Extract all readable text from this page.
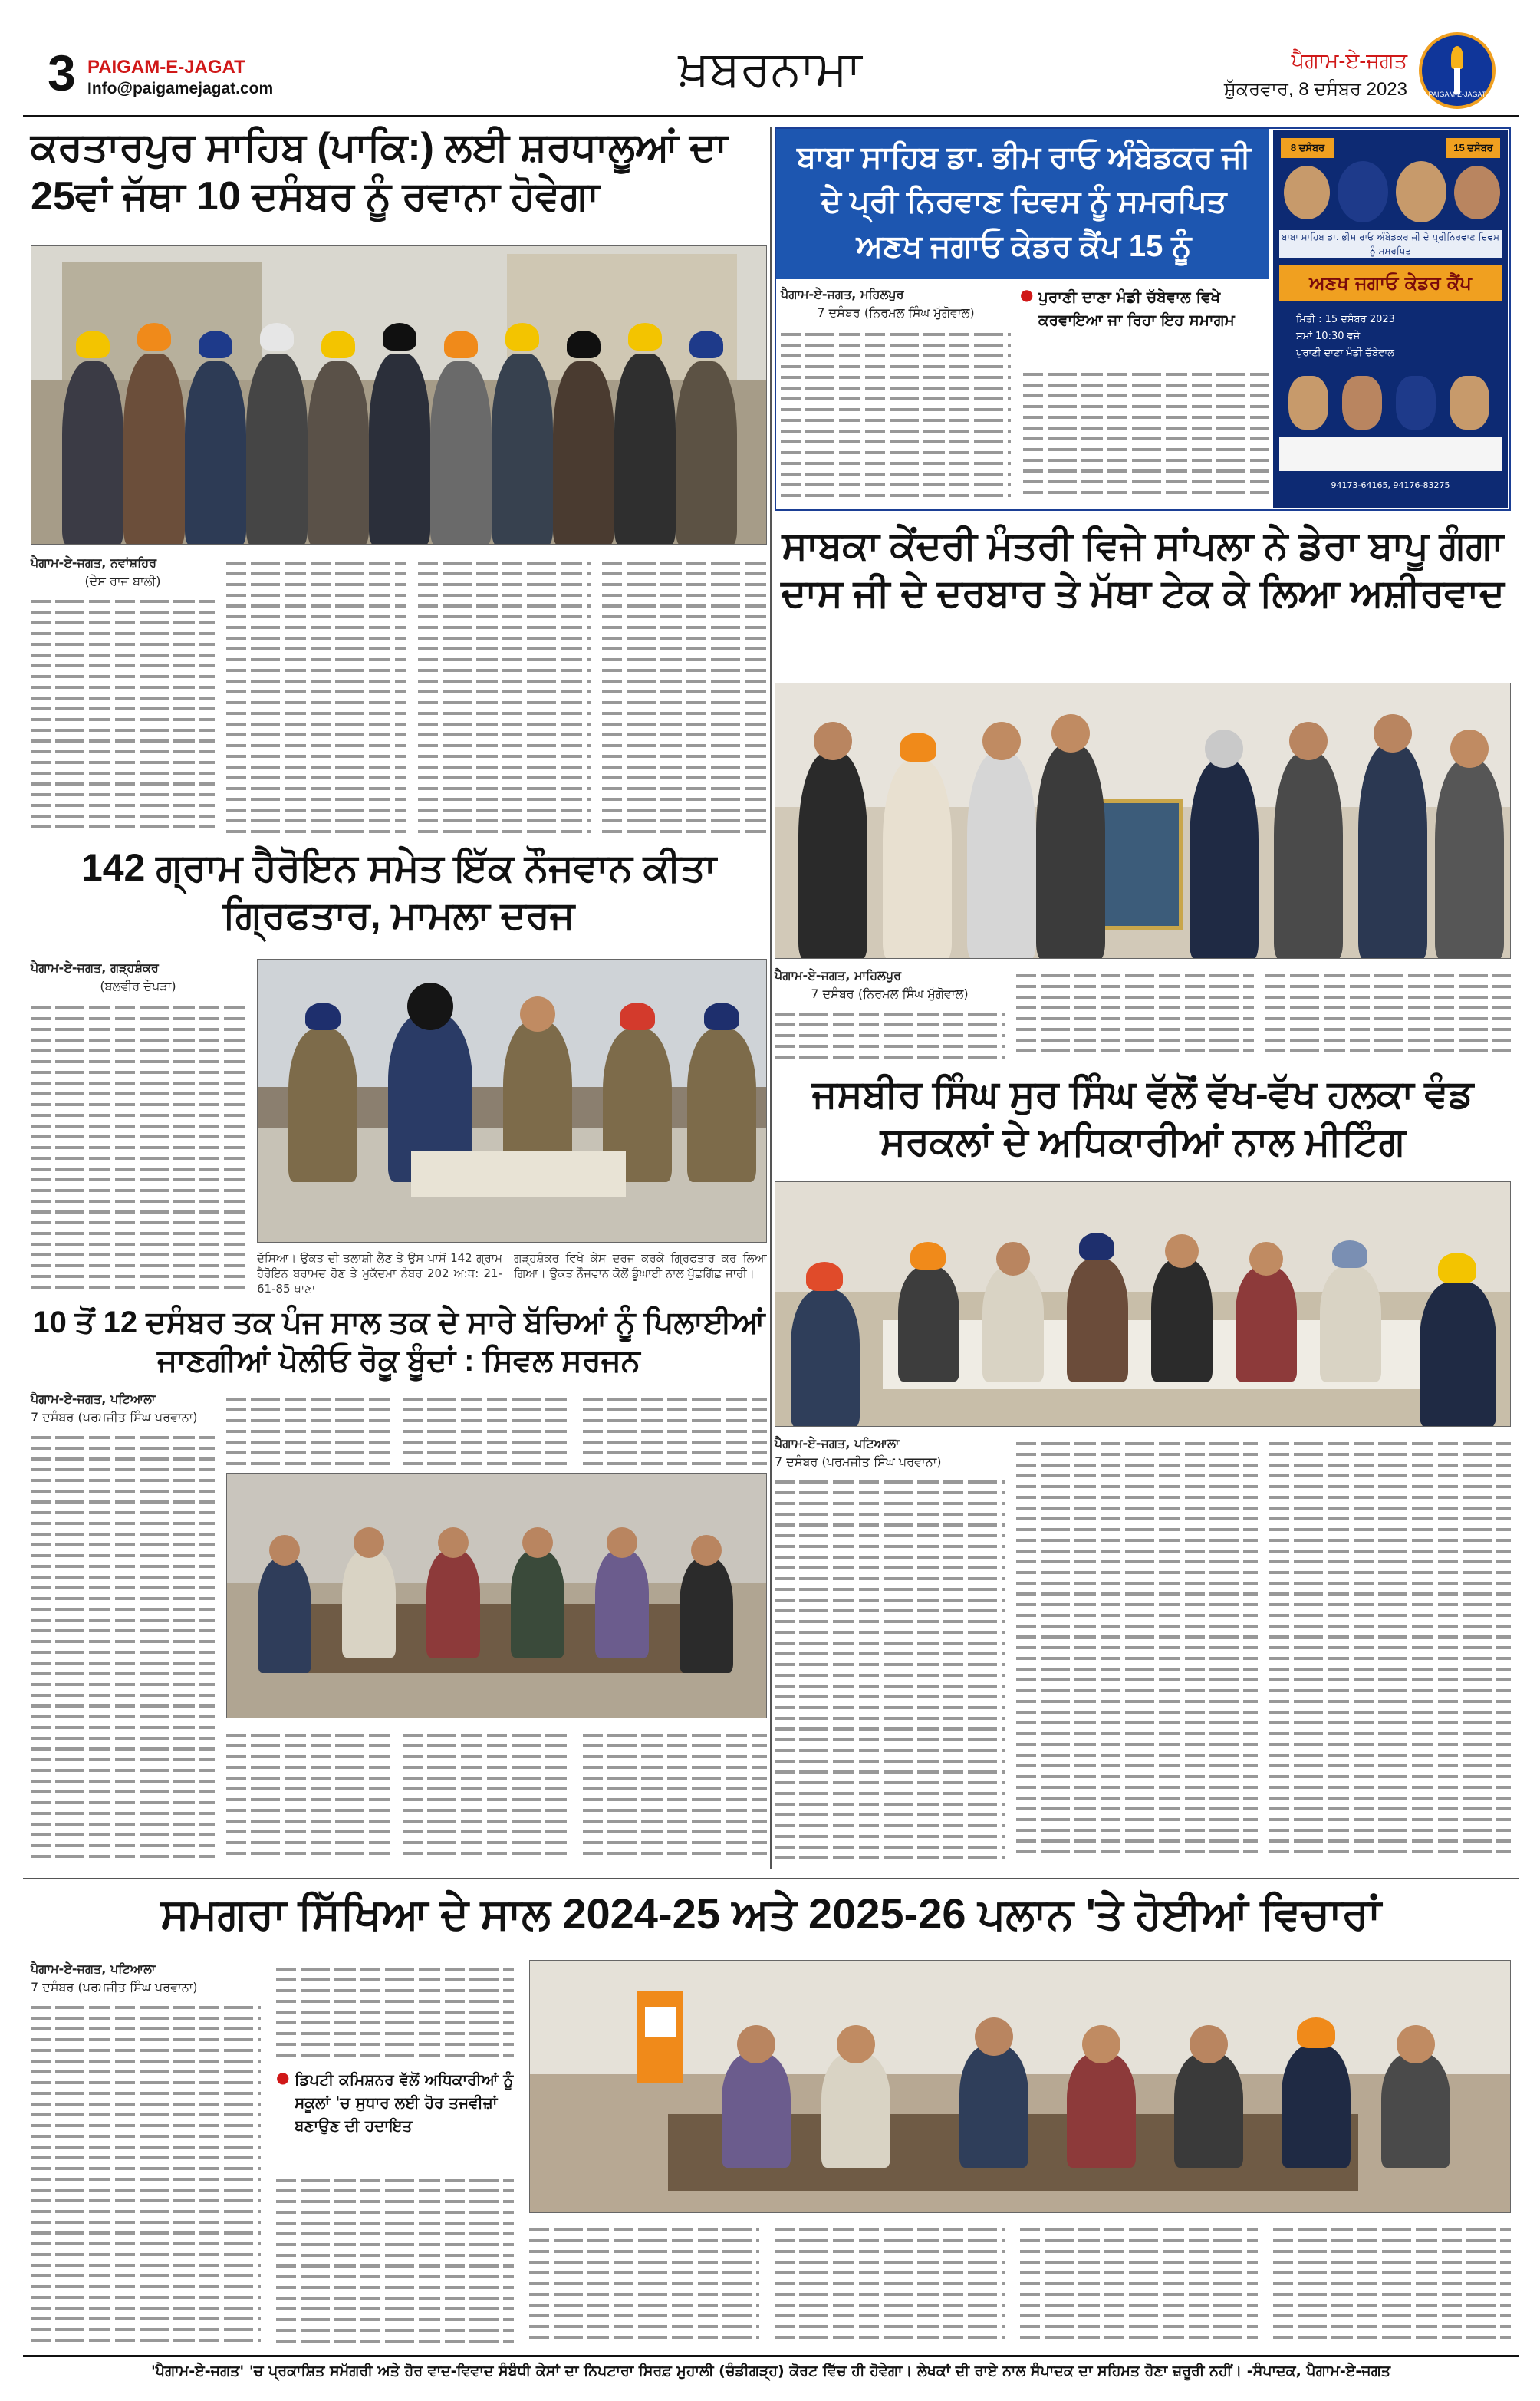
3 PAIGAM-E-JAGAT
Info@paigamejagat.com	ਖ਼ਬਰਨਾਮਾ	ਪੈਗਾਮ-ਏ-ਜਗਤ
ਸ਼ੁੱਕਰਵਾਰ, 8 ਦਸੰਬਰ 2023	PAIGAM-E-JAGAT
ਕਰਤਾਰਪੁਰ ਸਾਹਿਬ (ਪਾਕਿ:) ਲਈ ਸ਼ਰਧਾਲੂਆਂ ਦਾ 25ਵਾਂ ਜੱਥਾ 10 ਦਸੰਬਰ ਨੂੰ ਰਵਾਨਾ ਹੋਵੇਗਾ
ਪੈਗਾਮ-ਏ-ਜਗਤ, ਨਵਾਂਸ਼ਹਿਰ
(ਦੇਸ ਰਾਜ ਬਾਲੀ)
142 ਗ੍ਰਾਮ ਹੈਰੋਇਨ ਸਮੇਤ ਇੱਕ ਨੌਜਵਾਨ ਕੀਤਾ ਗ੍ਰਿਫਤਾਰ, ਮਾਮਲਾ ਦਰਜ
ਪੈਗਾਮ-ਏ-ਜਗਤ, ਗੜ੍ਹਸ਼ੰਕਰ
(ਬਲਵੀਰ ਚੌਪੜਾ)
ਦੱਸਿਆ। ਉਕਤ ਦੀ ਤਲਾਸ਼ੀ ਲੈਣ ਤੇ ਉਸ ਪਾਸੋਂ 142 ਗ੍ਰਾਮ ਹੈਰੋਇਨ ਬਰਾਮਦ ਹੋਣ ਤੇ ਮੁਕੱਦਮਾ ਨੰਬਰ 202 ਅ:ਧ: 21-61-85 ਥਾਣਾ
ਗੜ੍ਹਸ਼ੰਕਰ ਵਿਖੇ ਕੇਸ ਦਰਜ ਕਰਕੇ ਗ੍ਰਿਫਤਾਰ ਕਰ ਲਿਆ ਗਿਆ। ਉਕਤ ਨੌਜਵਾਨ ਕੋਲੋਂ ਡੂੰਘਾਈ ਨਾਲ ਪੁੱਛਗਿੱਛ ਜਾਰੀ।
10 ਤੋਂ 12 ਦਸੰਬਰ ਤਕ ਪੰਜ ਸਾਲ ਤਕ ਦੇ ਸਾਰੇ ਬੱਚਿਆਂ ਨੂੰ ਪਿਲਾਈਆਂ ਜਾਣਗੀਆਂ ਪੋਲੀਓ ਰੋਕੂ ਬੂੰਦਾਂ : ਸਿਵਲ ਸਰਜਨ
ਪੈਗਾਮ-ਏ-ਜਗਤ, ਪਟਿਆਲਾ
7 ਦਸੰਬਰ (ਪਰਮਜੀਤ ਸਿੰਘ ਪਰਵਾਨਾ)
ਬਾਬਾ ਸਾਹਿਬ ਡਾ. ਭੀਮ ਰਾਓ ਅੰਬੇਡਕਰ ਜੀ ਦੇ ਪ੍ਰੀ ਨਿਰਵਾਣ ਦਿਵਸ ਨੂੰ ਸਮਰਪਿਤ ਅਣਖ ਜਗਾਓ ਕੇਡਰ ਕੈਂਪ 15 ਨੂੰ
ਪੈਗਾਮ-ਏ-ਜਗਤ, ਮਹਿਲਪੁਰ
7 ਦਸੰਬਰ (ਨਿਰਮਲ ਸਿੰਘ ਮੁੱਗੋਵਾਲ)
● ਪੁਰਾਣੀ ਦਾਣਾ ਮੰਡੀ ਚੱਬੇਵਾਲ ਵਿਖੇ ਕਰਵਾਇਆ ਜਾ ਰਿਹਾ ਇਹ ਸਮਾਗਮ
8 ਦਸੰਬਰ	15 ਦਸੰਬਰ
ਬਾਬਾ ਸਾਹਿਬ ਡਾ. ਭੀਮ ਰਾਓ ਅੰਬੇਡਕਰ ਜੀ ਦੇ ਪ੍ਰੀਨਿਰਵਾਣ ਦਿਵਸ ਨੂੰ ਸਮਰਪਿਤ
ਅਣਖ ਜਗਾਓ ਕੇਡਰ ਕੈਂਪ
ਮਿਤੀ : 15 ਦਸੰਬਰ 2023
ਸਮਾਂ 10:30 ਵਜੇ
ਪੁਰਾਣੀ ਦਾਣਾ ਮੰਡੀ ਚੱਬੇਵਾਲ
94173-64165, 94176-83275
ਸਾਬਕਾ ਕੇਂਦਰੀ ਮੰਤਰੀ ਵਿਜੇ ਸਾਂਪਲਾ ਨੇ ਡੇਰਾ ਬਾਪੂ ਗੰਗਾ ਦਾਸ ਜੀ ਦੇ ਦਰਬਾਰ ਤੇ ਮੱਥਾ ਟੇਕ ਕੇ ਲਿਆ ਅਸ਼ੀਰਵਾਦ
ਪੈਗਾਮ-ਏ-ਜਗਤ, ਮਾਹਿਲਪੁਰ
7 ਦਸੰਬਰ (ਨਿਰਮਲ ਸਿੰਘ ਮੁੱਗੋਵਾਲ)
ਜਸਬੀਰ ਸਿੰਘ ਸੁਰ ਸਿੰਘ ਵੱਲੋਂ ਵੱਖ-ਵੱਖ ਹਲਕਾ ਵੰਡ ਸਰਕਲਾਂ ਦੇ ਅਧਿਕਾਰੀਆਂ ਨਾਲ ਮੀਟਿੰਗ
ਪੈਗਾਮ-ਏ-ਜਗਤ, ਪਟਿਆਲਾ
7 ਦਸੰਬਰ (ਪਰਮਜੀਤ ਸਿੰਘ ਪਰਵਾਨਾ)
ਸਮਗਰਾ ਸਿੱਖਿਆ ਦੇ ਸਾਲ 2024-25 ਅਤੇ 2025-26 ਪਲਾਨ 'ਤੇ ਹੋਈਆਂ ਵਿਚਾਰਾਂ
ਪੈਗਾਮ-ਏ-ਜਗਤ, ਪਟਿਆਲਾ
7 ਦਸੰਬਰ (ਪਰਮਜੀਤ ਸਿੰਘ ਪਰਵਾਨਾ)
● ਡਿਪਟੀ ਕਮਿਸ਼ਨਰ ਵੱਲੋਂ ਅਧਿਕਾਰੀਆਂ ਨੂੰ ਸਕੂਲਾਂ 'ਚ ਸੁਧਾਰ ਲਈ ਹੋਰ ਤਜਵੀਜ਼ਾਂ ਬਣਾਉਣ ਦੀ ਹਦਾਇਤ
'ਪੈਗਾਮ-ਏ-ਜਗਤ' 'ਚ ਪ੍ਰਕਾਸ਼ਿਤ ਸਮੱਗਰੀ ਅਤੇ ਹੋਰ ਵਾਦ-ਵਿਵਾਦ ਸੰਬੰਧੀ ਕੇਸਾਂ ਦਾ ਨਿਪਟਾਰਾ ਸਿਰਫ਼ ਮੁਹਾਲੀ (ਚੰਡੀਗੜ੍ਹ) ਕੋਰਟ ਵਿੱਚ ਹੀ ਹੋਵੇਗਾ। ਲੇਖਕਾਂ ਦੀ ਰਾਏ ਨਾਲ ਸੰਪਾਦਕ ਦਾ ਸਹਿਮਤ ਹੋਣਾ ਜ਼ਰੂਰੀ ਨਹੀਂ। -ਸੰਪਾਦਕ, ਪੈਗਾਮ-ਏ-ਜਗਤ
